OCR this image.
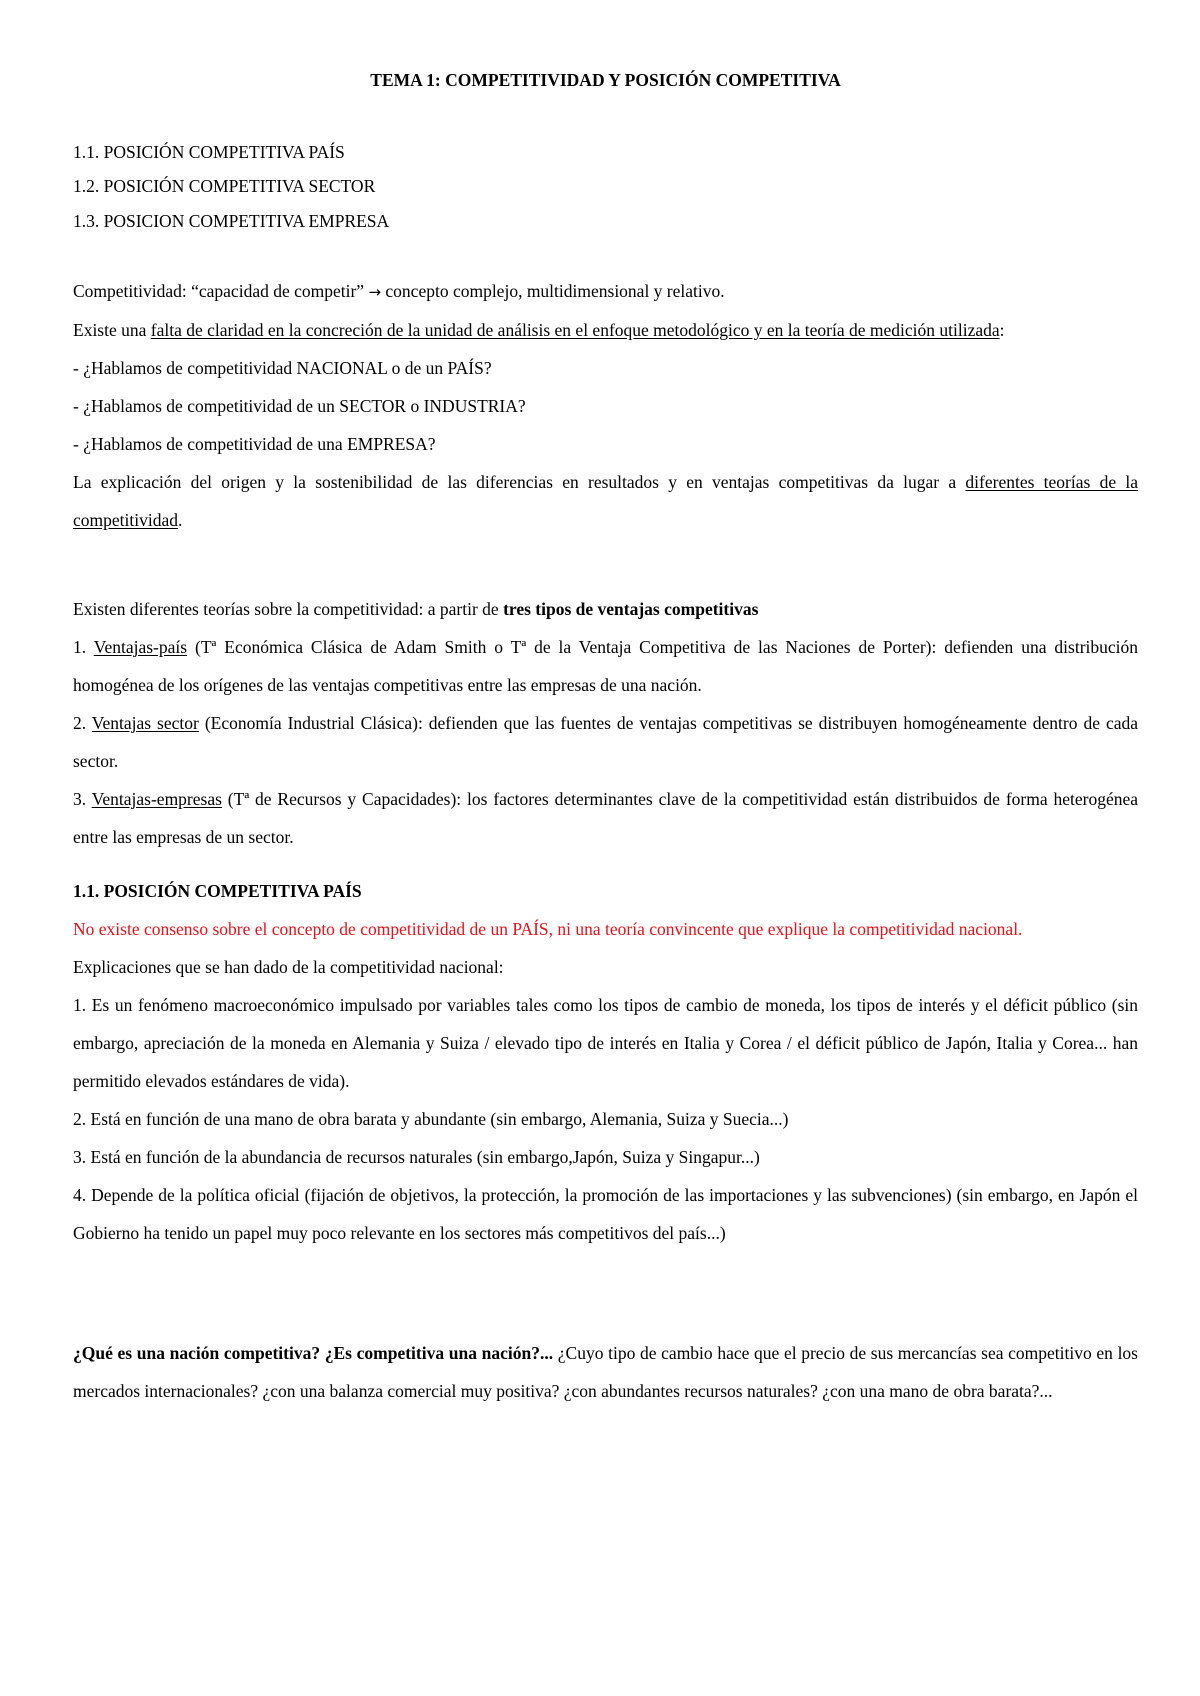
TEMA 1: COMPETITIVIDAD Y POSICIÓN COMPETITIVA
1.1. POSICIÓN COMPETITIVA PAÍS
1.2. POSICIÓN COMPETITIVA SECTOR
1.3. POSICION COMPETITIVA EMPRESA
Competitividad: “capacidad de competir” → concepto complejo, multidimensional y relativo.
Existe una falta de claridad en la concreción de la unidad de análisis en el enfoque metodológico y en la teoría de medición utilizada:
- ¿Hablamos de competitividad NACIONAL o de un PAÍS?
- ¿Hablamos de competitividad de un SECTOR o INDUSTRIA?
- ¿Hablamos de competitividad de una EMPRESA?
La explicación del origen y la sostenibilidad de las diferencias en resultados y en ventajas competitivas da lugar a diferentes teorías de la competitividad.
Existen diferentes teorías sobre la competitividad: a partir de tres tipos de ventajas competitivas
1. Ventajas-país (Tª Económica Clásica de Adam Smith o Tª de la Ventaja Competitiva de las Naciones de Porter): defienden una distribución homogénea de los orígenes de las ventajas competitivas entre las empresas de una nación.
2. Ventajas sector (Economía Industrial Clásica): defienden que las fuentes de ventajas competitivas se distribuyen homogéneamente dentro de cada sector.
3. Ventajas-empresas (Tª de Recursos y Capacidades): los factores determinantes clave de la competitividad están distribuidos de forma heterogénea entre las empresas de un sector.
1.1. POSICIÓN COMPETITIVA PAÍS
No existe consenso sobre el concepto de competitividad de un PAÍS, ni una teoría convincente que explique la competitividad nacional.
Explicaciones que se han dado de la competitividad nacional:
1. Es un fenómeno macroeconómico impulsado por variables tales como los tipos de cambio de moneda, los tipos de interés y el déficit público (sin embargo, apreciación de la moneda en Alemania y Suiza / elevado tipo de interés en Italia y Corea / el déficit público de Japón, Italia y Corea... han permitido elevados estándares de vida).
2. Está en función de una mano de obra barata y abundante (sin embargo, Alemania, Suiza y Suecia...)
3. Está en función de la abundancia de recursos naturales (sin embargo,Japón, Suiza y Singapur...)
4. Depende de la política oficial (fijación de objetivos, la protección, la promoción de las importaciones y las subvenciones) (sin embargo, en Japón el Gobierno ha tenido un papel muy poco relevante en los sectores más competitivos del país...)
¿Qué es una nación competitiva? ¿Es competitiva una nación?... ¿Cuyo tipo de cambio hace que el precio de sus mercancías sea competitivo en los mercados internacionales? ¿con una balanza comercial muy positiva? ¿con abundantes recursos naturales? ¿con una mano de obra barata?...
